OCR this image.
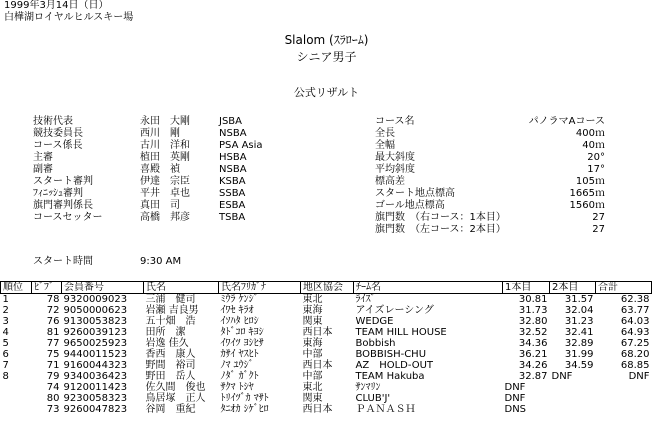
1999年3月14日（日）
白樺湖ロイヤルヒルスキー場
Slalom (ｽﾗﾛｰﾑ)
シニア男子
公式リザルト
技術代表	永田　大剛	JSBA	コース名	パノラマAコース
競技委員長	西川　剛	NSBA	全長	400ｍ
コース係長	古川　洋和	PSA Asia	全幅	40ｍ
主審	植田　英剛	HSBA	最大斜度	20°
副審	喜殿　禎	NSBA	平均斜度	17°
スタート審判	伊達　宗臣	KSBA	標高差	105ｍ
ﾌｨﾆｯｼｭ審判	平井　卓也	SSBA	スタート地点標高	1665ｍ
旗門審判係長	真田　司	ESBA	ゴール地点標高	1560ｍ
コースセッター	高橋　邦彦	TSBA	旗門数　（右コース：1本目）	27
旗門数　（左コース：2本目）	27
スタート時間	9:30 AM
順位	ﾋﾞﾌﾞ	会員番号	氏名	氏名ﾌﾘｶﾞﾅ	地区協会	ﾁｰﾑ名	1本目	2本目	合計
1	78	9320009023	三浦　健司	ﾐｳﾗ ｹﾝｼﾞ	東北	ﾗｲｽﾞ	30.81	31.57	62.38
2	72	9050000623	岩瀬 吉良男	ｲﾜｾ ｷﾗｵ	東海	アイズレーシング	31.73	32.04	63.77
3	76	9130053823	五十畑　浩	ｲｿﾊﾀ ﾋﾛｼ	関東	WEDGE	32.80	31.23	64.03
4	81	9260039123	田所　潔	ﾀﾄﾞｺﾛ ｷﾖｼ	西日本	TEAM HILL HOUSE	32.52	32.41	64.93
5	77	9650025923	岩逸 佳久	ｲﾜｲﾂ ﾖｼﾋｻ	東海	Bobbish	34.36	32.89	67.25
6	75	9440011523	香西　康人	ｶｻｲ ﾔｽﾋﾄ	中部	BOBBISH-CHU	36.21	31.99	68.20
7	71	9160044323	野間　裕司	ﾉﾏ ﾕｳｼﾞ	西日本	AZ　HOLD-OUT	34.26	34.59	68.85
8	79	9340036423	野田　岳人	ﾉﾀﾞ ｶﾞｸﾄ	中部	TEAM Hakuba	32.87	DNF	DNF
	74	9120011423	佐久間　俊也	ｻｸﾏ ﾄｼﾔ	東北	ｻﾝﾏﾘﾝ	DNF		
	80	9230058323	鳥居塚　正人	ﾄﾘｲﾂﾞｶ ﾏｻﾄ	関東	CLUB'J'	DNF		
	73	9260047823	谷岡　重紀	ﾀﾆｵｶ ｼｹﾞﾋﾛ	西日本	ＰＡＮＡＳＨ	DNS		
